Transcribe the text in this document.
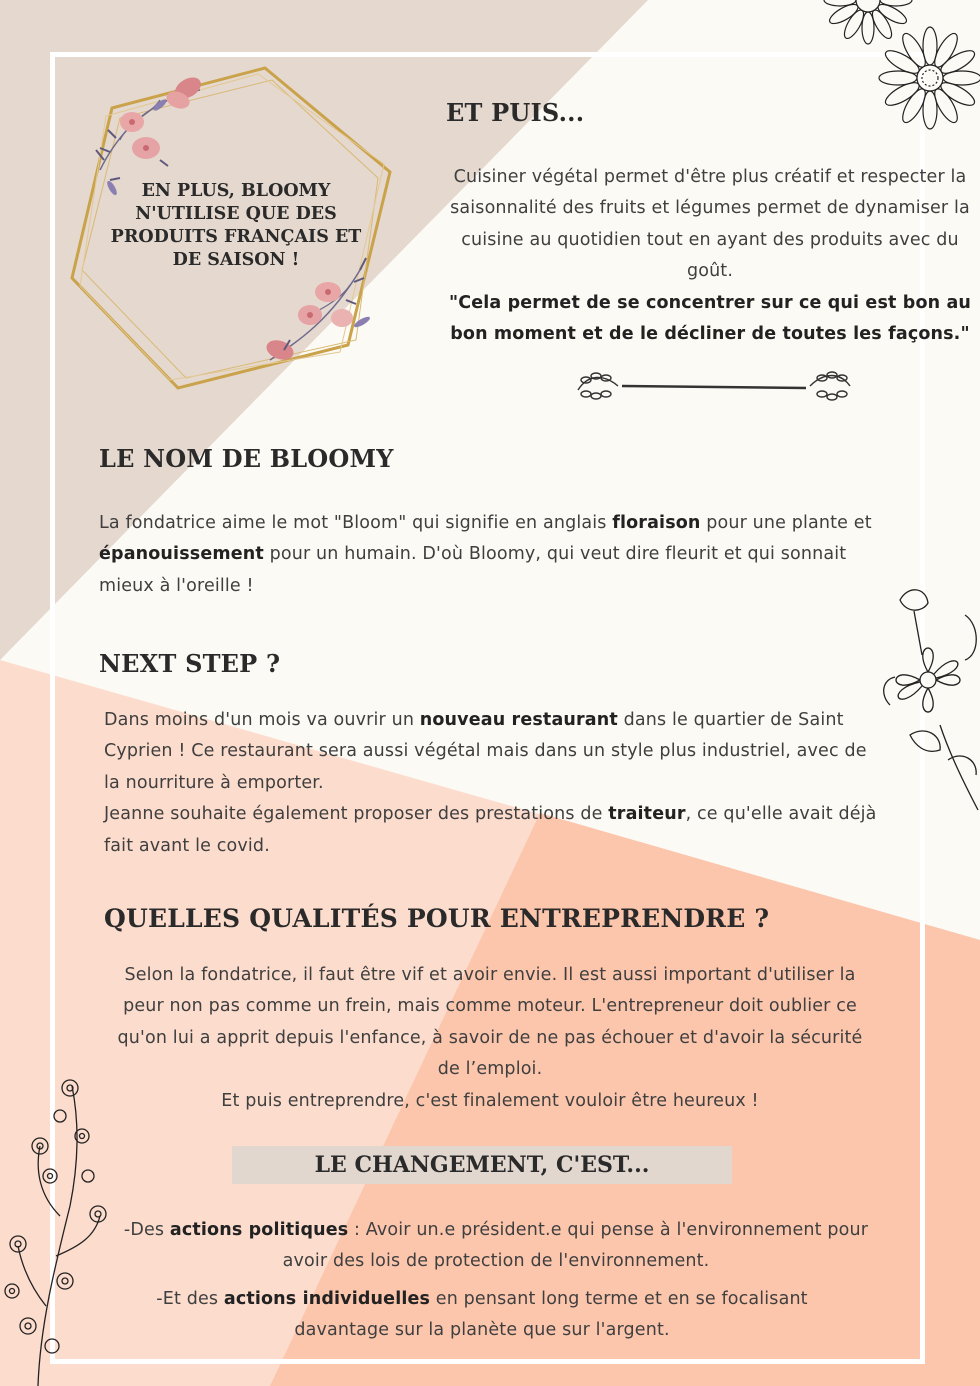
EN PLUS, BLOOMY
N'UTILISE QUE DES
PRODUITS FRANÇAIS ET
DE SAISON !
ET PUIS...

Cuisiner végétal permet d'être plus créatif et respecter la saisonnalité des fruits et légumes permet de dynamiser la cuisine au quotidien tout en ayant des produits avec du goût.

"Cela permet de se concentrer sur ce qui est bon au bon moment et de le décliner de toutes les façons."

LE NOM DE BLOOMY

La fondatrice aime le mot "Bloom" qui signifie en anglais floraison pour une plante et épanouissement pour un humain. D'où Bloomy, qui veut dire fleurit et qui sonnait mieux à l'oreille !

NEXT STEP ?

Dans moins d'un mois va ouvrir un nouveau restaurant dans le quartier de Saint Cyprien ! Ce restaurant sera aussi végétal mais dans un style plus industriel, avec de la nourriture à emporter.
Jeanne souhaite également proposer des prestations de traiteur, ce qu'elle avait déjà fait avant le covid.

QUELLES QUALITÉS POUR ENTREPRENDRE ?

Selon la fondatrice, il faut être vif et avoir envie. Il est aussi important d'utiliser la peur non pas comme un frein, mais comme moteur. L'entrepreneur doit oublier ce qu'on lui a apprit depuis l'enfance, à savoir de ne pas échouer et d'avoir la sécurité de l’emploi.

Et puis entreprendre, c'est finalement vouloir être heureux !

LE CHANGEMENT, C'EST...

-Des actions politiques : Avoir un.e président.e qui pense à l'environnement pour avoir des lois de protection de l'environnement.

-Et des actions individuelles en pensant long terme et en se focalisant davantage sur la planète que sur l'argent.
